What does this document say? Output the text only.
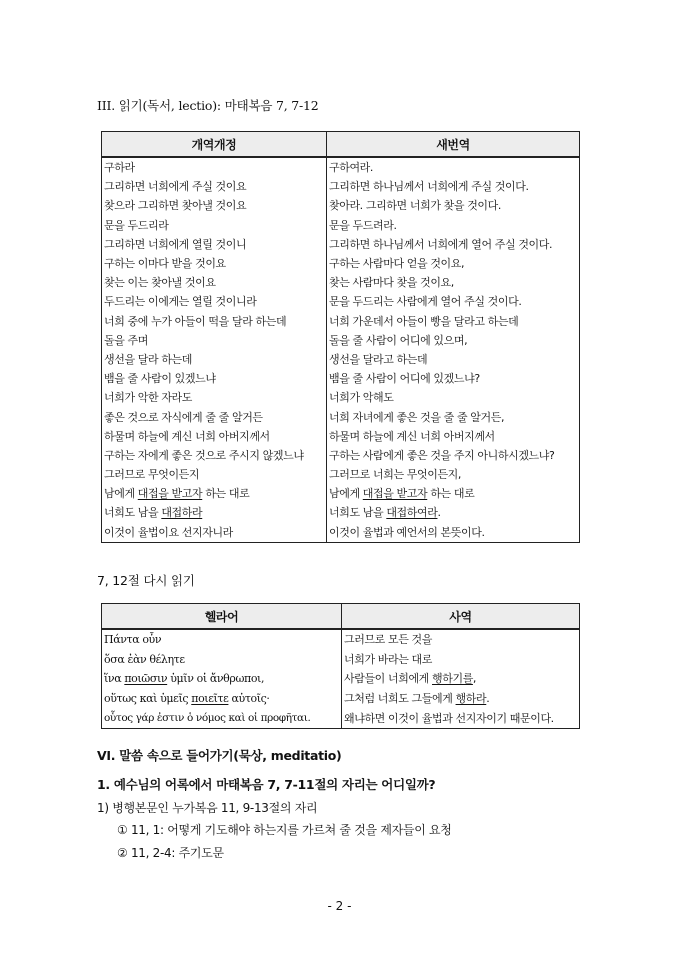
III. 읽기(독서, lectio): 마태복음 7, 7-12
개역개정	새번역
구하라	구하여라.
그리하면 너희에게 주실 것이요	그리하면 하나님께서 너희에게 주실 것이다.
찾으라 그리하면 찾아낼 것이요	찾아라. 그리하면 너희가 찾을 것이다.
문을 두드리라	문을 두드려라.
그리하면 너희에게 열릴 것이니	그리하면 하나님께서 너희에게 열어 주실 것이다.
구하는 이마다 받을 것이요	구하는 사람마다 얻을 것이요,
찾는 이는 찾아낼 것이요	찾는 사람마다 찾을 것이요,
두드리는 이에게는 열릴 것이니라	문을 두드리는 사람에게 열어 주실 것이다.
너희 중에 누가 아들이 떡을 달라 하는데	너희 가운데서 아들이 빵을 달라고 하는데
돌을 주며	돌을 줄 사람이 어디에 있으며,
생선을 달라 하는데	생선을 달라고 하는데
뱀을 줄 사람이 있겠느냐	뱀을 줄 사람이 어디에 있겠느냐?
너희가 악한 자라도	너희가 악해도
좋은 것으로 자식에게 줄 줄 알거든	너희 자녀에게 좋은 것을 줄 줄 알거든,
하물며 하늘에 계신 너희 아버지께서	하물며 하늘에 계신 너희 아버지께서
구하는 자에게 좋은 것으로 주시지 않겠느냐	구하는 사람에게 좋은 것을 주지 아니하시겠느냐?
그러므로 무엇이든지	그러므로 너희는 무엇이든지,
남에게 대접을 받고자 하는 대로	남에게 대접을 받고자 하는 대로
너희도 남을 대접하라	너희도 남을 대접하여라.
이것이 율법이요 선지자니라	이것이 율법과 예언서의 본뜻이다.
7, 12절 다시 읽기
헬라어	사역
Πάντα οὖν	그러므로 모든 것을
ὅσα ἐὰν θέλητε	너희가 바라는 대로
ἵνα ποιῶσιν ὑμῖν οἱ ἄνθρωποι,	사람들이 너희에게 행하기를,
οὕτως καὶ ὑμεῖς ποιεῖτε αὐτοῖς·	그처럼 너희도 그들에게 행하라.
οὗτος γάρ ἐστιν ὁ νόμος καὶ οἱ προφῆται.	왜냐하면 이것이 율법과 선지자이기 때문이다.
VI. 말씀 속으로 들어가기(묵상, meditatio)
1. 예수님의 어록에서 마태복음 7, 7-11절의 자리는 어디일까?
1) 병행본문인 누가복음 11, 9-13절의 자리
① 11, 1: 어떻게 기도해야 하는지를 가르쳐 줄 것을 제자들이 요청
② 11, 2-4: 주기도문
- 2 -
